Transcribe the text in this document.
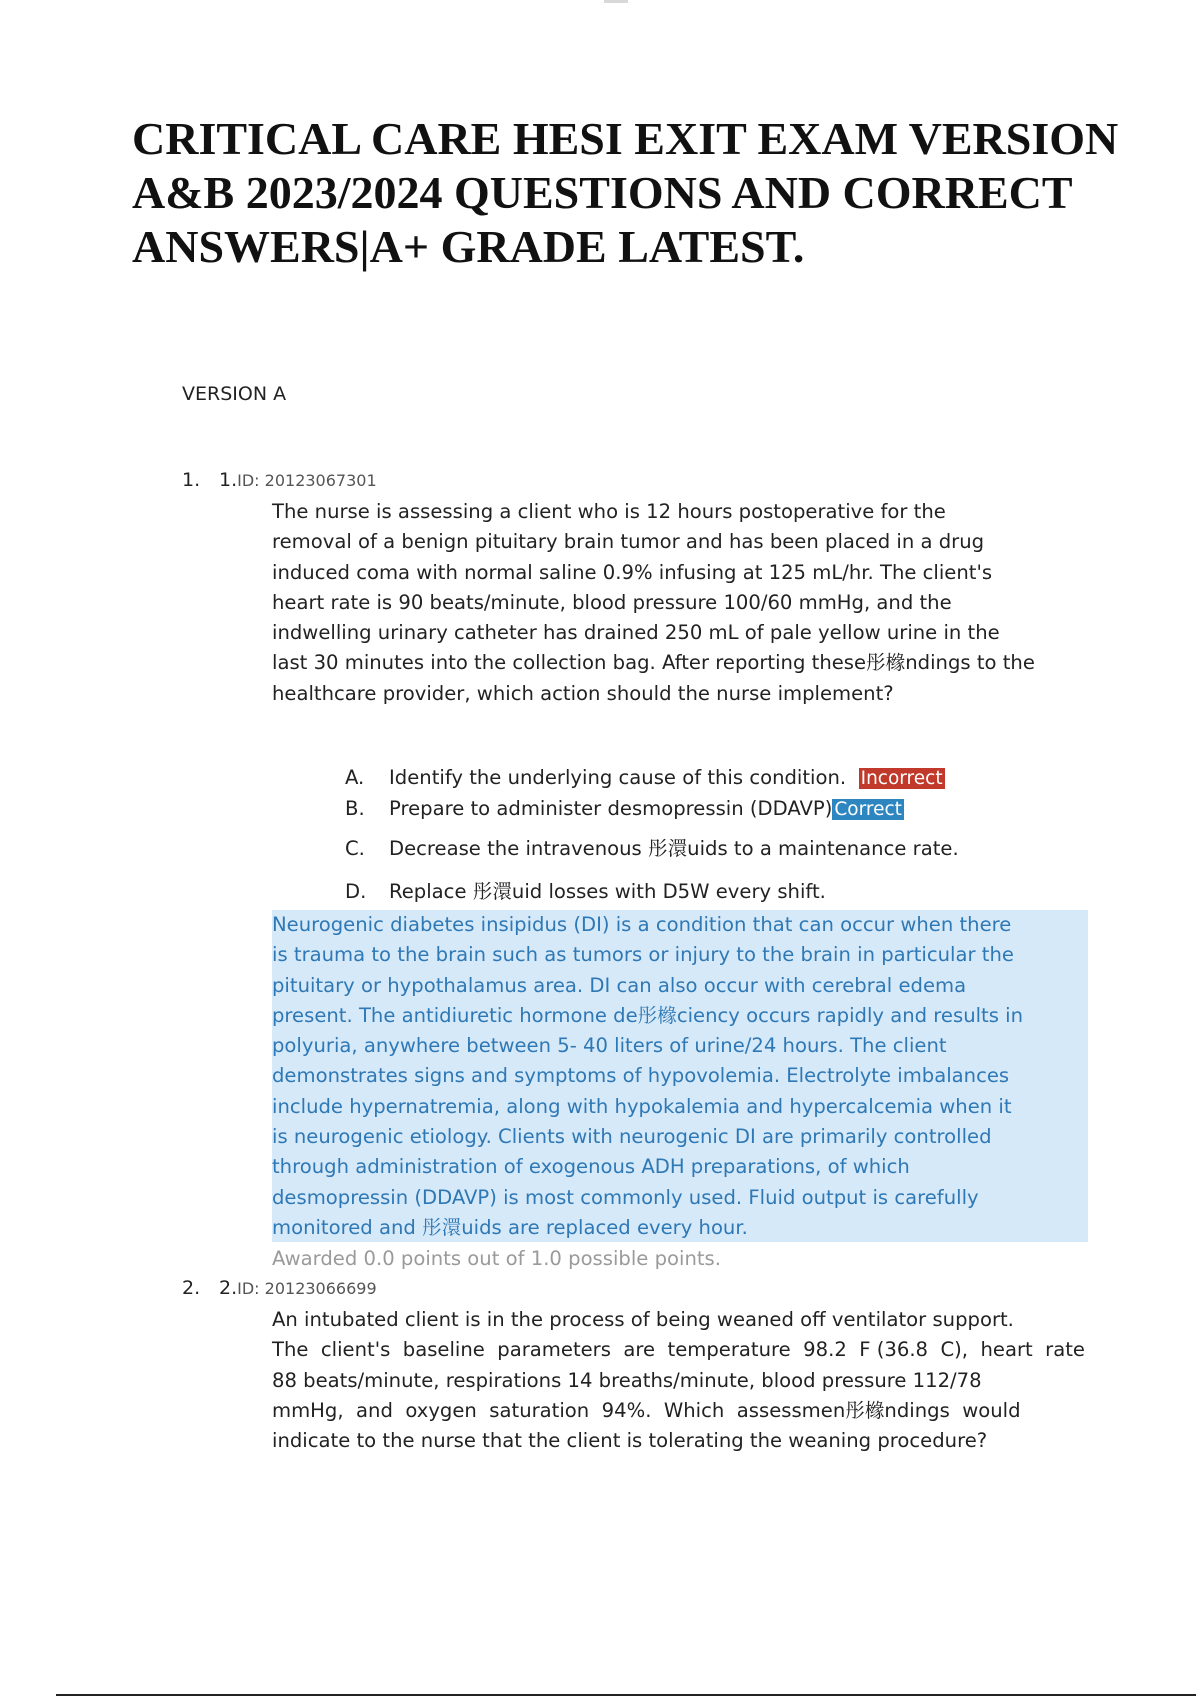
CRITICAL CARE HESI EXIT EXAM VERSION A&B 2023/2024 QUESTIONS AND CORRECT ANSWERS|A+ GRADE LATEST.
VERSION A
1. 1.ID: 20123067301
The nurse is assessing a client who is 12 hours postoperative for the
removal of a benign pituitary brain tumor and has been placed in a drug
induced coma with normal saline 0.9% infusing at 125 mL/hr. The client's
heart rate is 90 beats/minute, blood pressure 100/60 mmHg, and the
indwelling urinary catheter has drained 250 mL of pale yellow urine in the
last 30 minutes into the collection bag. After reporting these彤橼ndings to the
healthcare provider, which action should the nurse implement?
A. Identify the underlying cause of this condition. Incorrect
B. Prepare to administer desmopressin (DDAVP) Correct
C. Decrease the intravenous 彤澴uids to a maintenance rate.
D. Replace 彤澴uid losses with D5W every shift.

Neurogenic diabetes insipidus (DI) is a condition that can occur when there

is trauma to the brain such as tumors or injury to the brain in particular the

pituitary or hypothalamus area. DI can also occur with cerebral edema

present. The antidiuretic hormone de彤橼ciency occurs rapidly and results in

polyuria, anywhere between 5- 40 liters of urine/24 hours. The client

demonstrates signs and symptoms of hypovolemia. Electrolyte imbalances

include hypernatremia, along with hypokalemia and hypercalcemia when it

is neurogenic etiology. Clients with neurogenic DI are primarily controlled

through administration of exogenous ADH preparations, of which

desmopressin (DDAVP) is most commonly used. Fluid output is carefully

monitored and 彤澴uids are replaced every hour.

Awarded 0.0 points out of 1.0 possible points.
2. 2.ID: 20123066699
An intubated client is in the process of being weaned off ventilator support.
The  client's  baseline  parameters  are  temperature  98.2  F (36.8  C),  heart  rate
88 beats/minute, respirations 14 breaths/minute, blood pressure 112/78
mmHg,  and  oxygen  saturation  94%.  Which  assessmen彤橼ndings  would
indicate to the nurse that the client is tolerating the weaning procedure?
